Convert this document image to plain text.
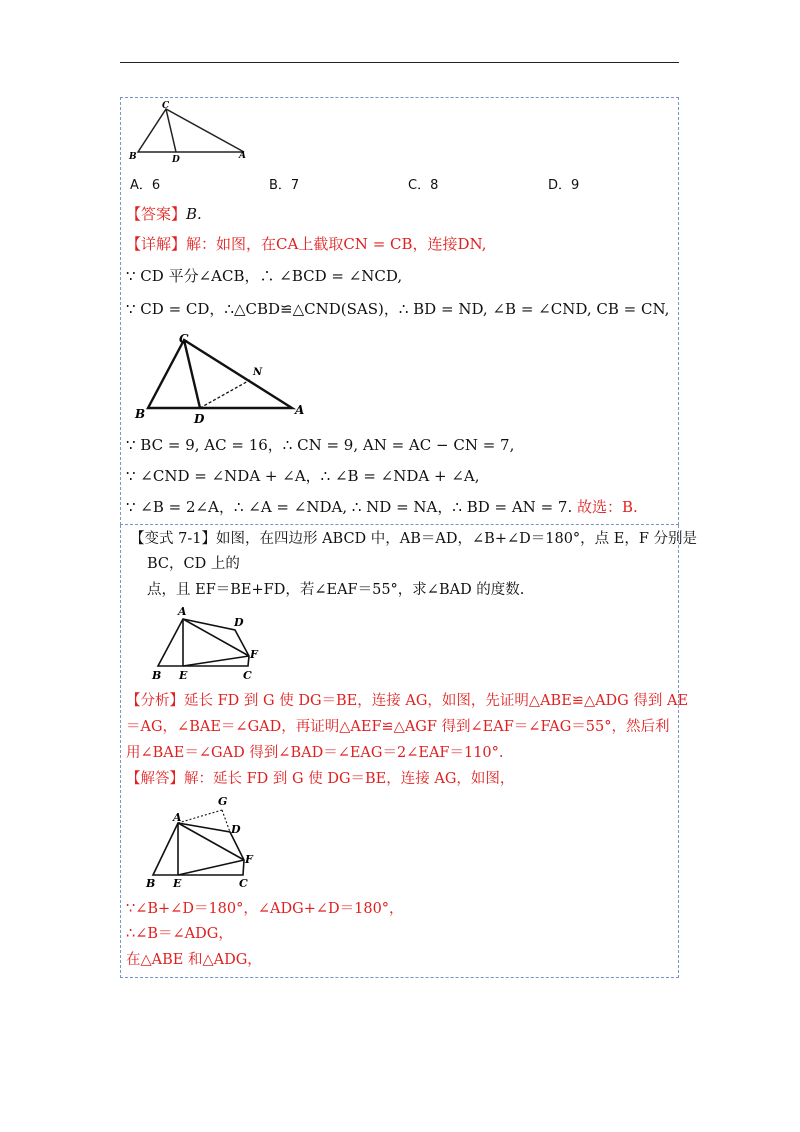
C
B	D	A
A．6	B．7	C．8	D．9
【答案】B.
【详解】解：如图，在CA上截取CN = CB，连接DN,
∵ CD 平分∠ACB，∴ ∠BCD = ∠NCD,
∵ CD = CD，∴△CBD≌△CND(SAS)，∴ BD = ND, ∠B = ∠CND, CB = CN,
C
N
B	D
A
∵ BC = 9, AC = 16，∴ CN = 9, AN = AC − CN = 7,
∵ ∠CND = ∠NDA + ∠A，∴ ∠B = ∠NDA + ∠A,
∵ ∠B = 2∠A，∴ ∠A = ∠NDA, ∴ ND = NA，∴ BD = AN = 7. 故选：B.
【变式 7-1】如图，在四边形 ABCD 中，AB＝AD，∠B+∠D＝180°，点 E，F 分别是
BC，CD 上的
点，且 EF＝BE+FD，若∠EAF＝55°，求∠BAD 的度数.
A
D
F
B E	C
【分析】延长 FD 到 G 使 DG＝BE，连接 AG，如图，先证明△ABE≌△ADG 得到 AE
＝AG，∠BAE＝∠GAD，再证明△AEF≌△AGF 得到∠EAF＝∠FAG＝55°，然后利
用∠BAE＝∠GAD 得到∠BAD＝∠EAG＝2∠EAF＝110°.
【解答】解：延长 FD 到 G 使 DG＝BE，连接 AG，如图，
G
A
D
F
B E	C
∵∠B+∠D＝180°，∠ADG+∠D＝180°，
∴∠B＝∠ADG，
在△ABE 和△ADG，
